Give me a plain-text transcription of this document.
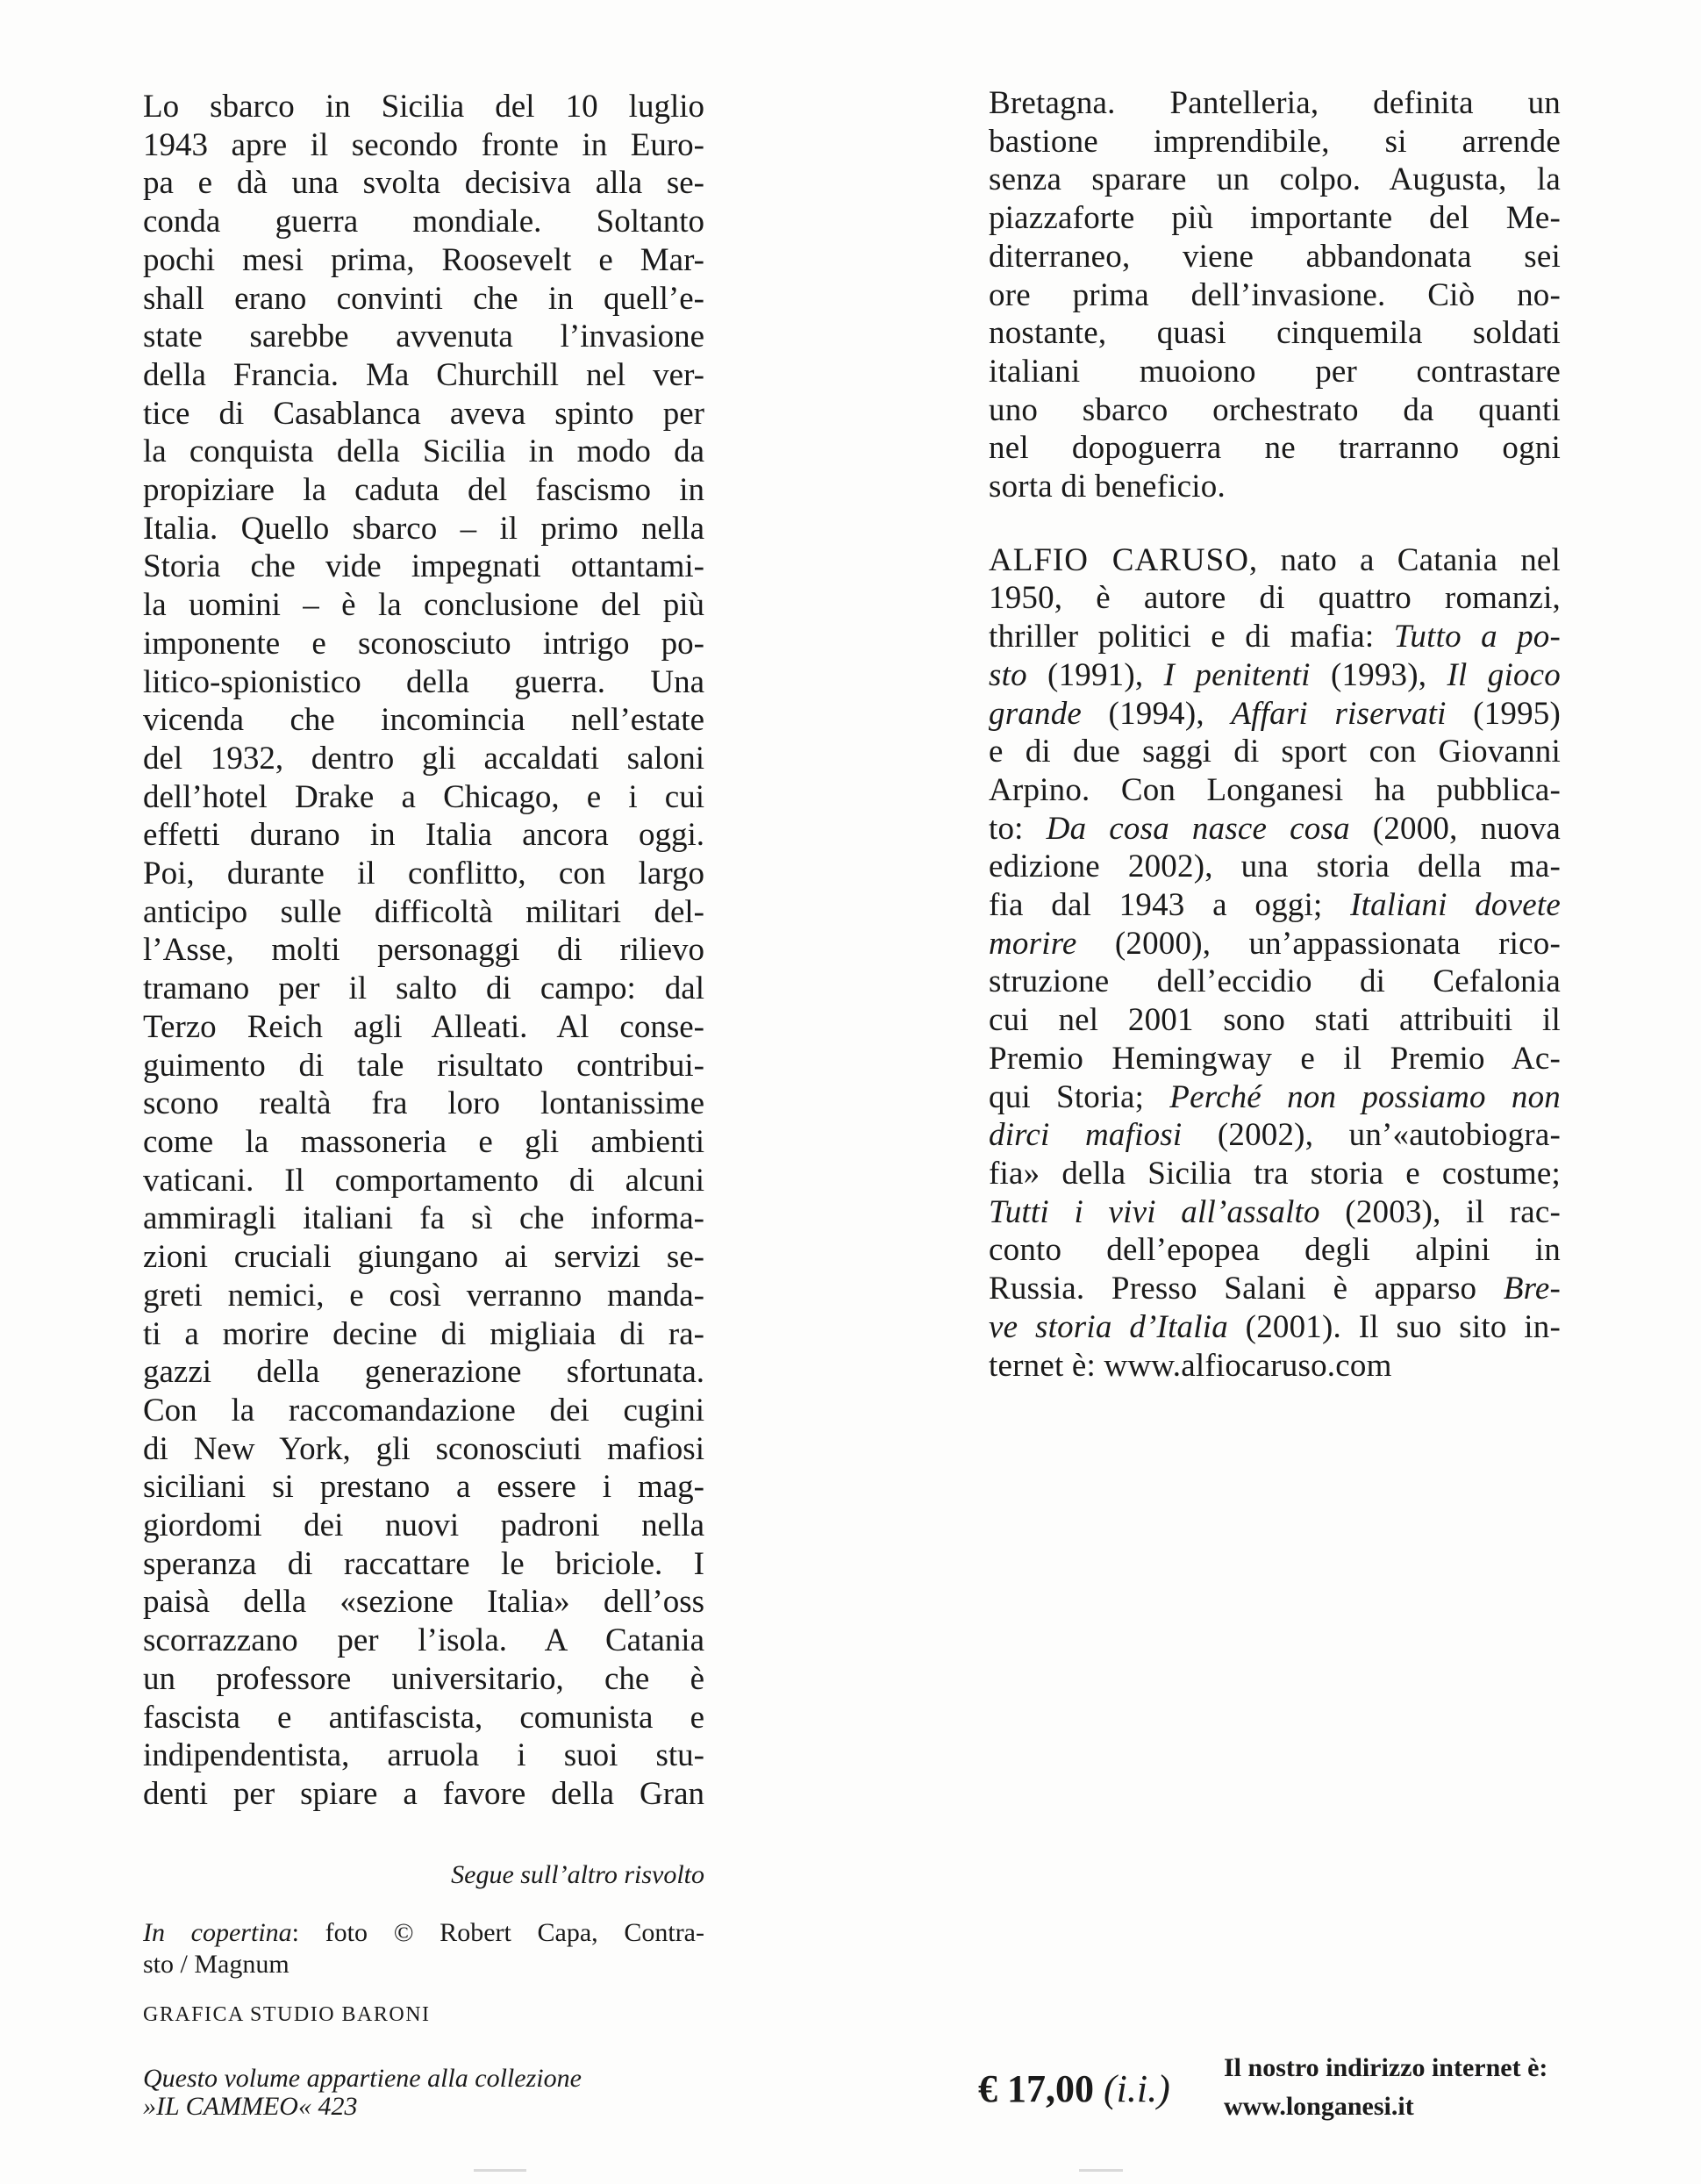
Lo sbarco in Sicilia del 10 luglio
1943 apre il secondo fronte in Euro-
pa e dà una svolta decisiva alla se-
conda guerra mondiale. Soltanto
pochi mesi prima, Roosevelt e Mar-
shall erano convinti che in quell’e-
state sarebbe avvenuta l’invasione
della Francia. Ma Churchill nel ver-
tice di Casablanca aveva spinto per
la conquista della Sicilia in modo da
propiziare la caduta del fascismo in
Italia. Quello sbarco – il primo nella
Storia che vide impegnati ottantami-
la uomini – è la conclusione del più
imponente e sconosciuto intrigo po-
litico-spionistico della guerra. Una
vicenda che incomincia nell’estate
del 1932, dentro gli accaldati saloni
dell’hotel Drake a Chicago, e i cui
effetti durano in Italia ancora oggi.
Poi, durante il conflitto, con largo
anticipo sulle difficoltà militari del-
l’Asse, molti personaggi di rilievo
tramano per il salto di campo: dal
Terzo Reich agli Alleati. Al conse-
guimento di tale risultato contribui-
scono realtà fra loro lontanissime
come la massoneria e gli ambienti
vaticani. Il comportamento di alcuni
ammiragli italiani fa sì che informa-
zioni cruciali giungano ai servizi se-
greti nemici, e così verranno manda-
ti a morire decine di migliaia di ra-
gazzi della generazione sfortunata.
Con la raccomandazione dei cugini
di New York, gli sconosciuti mafiosi
siciliani si prestano a essere i mag-
giordomi dei nuovi padroni nella
speranza di raccattare le briciole. I
paisà della «sezione Italia» dell’oss
scorrazzano per l’isola. A Catania
un professore universitario, che è
fascista e antifascista, comunista e
indipendentista, arruola i suoi stu-
denti per spiare a favore della Gran
Segue sull’altro risvolto
In copertina: foto © Robert Capa, Contra-
sto / Magnum
GRAFICA STUDIO BARONI
Questo volume appartiene alla collezione
»IL CAMMEO« 423
Bretagna. Pantelleria, definita un
bastione imprendibile, si arrende
senza sparare un colpo. Augusta, la
piazzaforte più importante del Me-
diterraneo, viene abbandonata sei
ore prima dell’invasione. Ciò no-
nostante, quasi cinquemila soldati
italiani muoiono per contrastare
uno sbarco orchestrato da quanti
nel dopoguerra ne trarranno ogni
sorta di beneficio.
ALFIO CARUSO, nato a Catania nel
1950, è autore di quattro romanzi,
thriller politici e di mafia: Tutto a po-
sto (1991), I penitenti (1993), Il gioco
grande (1994), Affari riservati (1995)
e di due saggi di sport con Giovanni
Arpino. Con Longanesi ha pubblica-
to: Da cosa nasce cosa (2000, nuova
edizione 2002), una storia della ma-
fia dal 1943 a oggi; Italiani dovete
morire (2000), un’appassionata rico-
struzione dell’eccidio di Cefalonia
cui nel 2001 sono stati attribuiti il
Premio Hemingway e il Premio Ac-
qui Storia; Perché non possiamo non
dirci mafiosi (2002), un’«autobiogra-
fia» della Sicilia tra storia e costume;
Tutti i vivi all’assalto (2003), il rac-
conto dell’epopea degli alpini in
Russia. Presso Salani è apparso Bre-
ve storia d’Italia (2001). Il suo sito in-
ternet è: www.alfiocaruso.com
€ 17,00 (i.i.) Il nostro indirizzo internet è:
www.longanesi.it
